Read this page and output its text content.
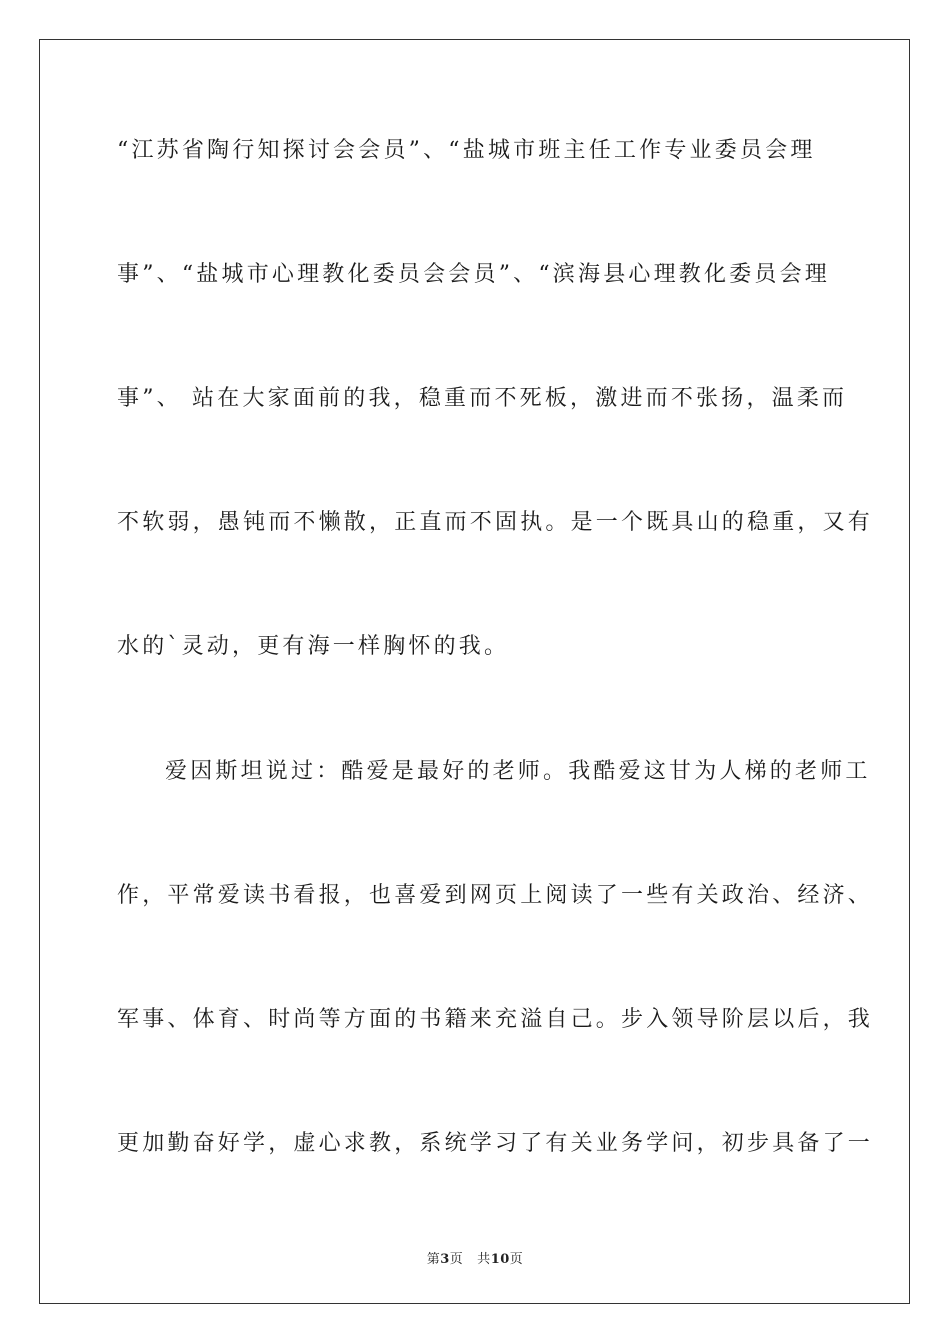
“江苏省陶行知探讨会会员”、“盐城市班主任工作专业委员会理
事”、“盐城市心理教化委员会会员”、“滨海县心理教化委员会理
事”、 站在大家面前的我，稳重而不死板，激进而不张扬，温柔而
不软弱，愚钝而不懒散，正直而不固执。是一个既具山的稳重，又有
水的`灵动，更有海一样胸怀的我。
爱因斯坦说过：酷爱是最好的老师。我酷爱这甘为人梯的老师工
作，平常爱读书看报，也喜爱到网页上阅读了一些有关政治、经济、
军事、体育、时尚等方面的书籍来充溢自己。步入领导阶层以后，我
更加勤奋好学，虚心求教，系统学习了有关业务学问，初步具备了一
第3页 共10页
